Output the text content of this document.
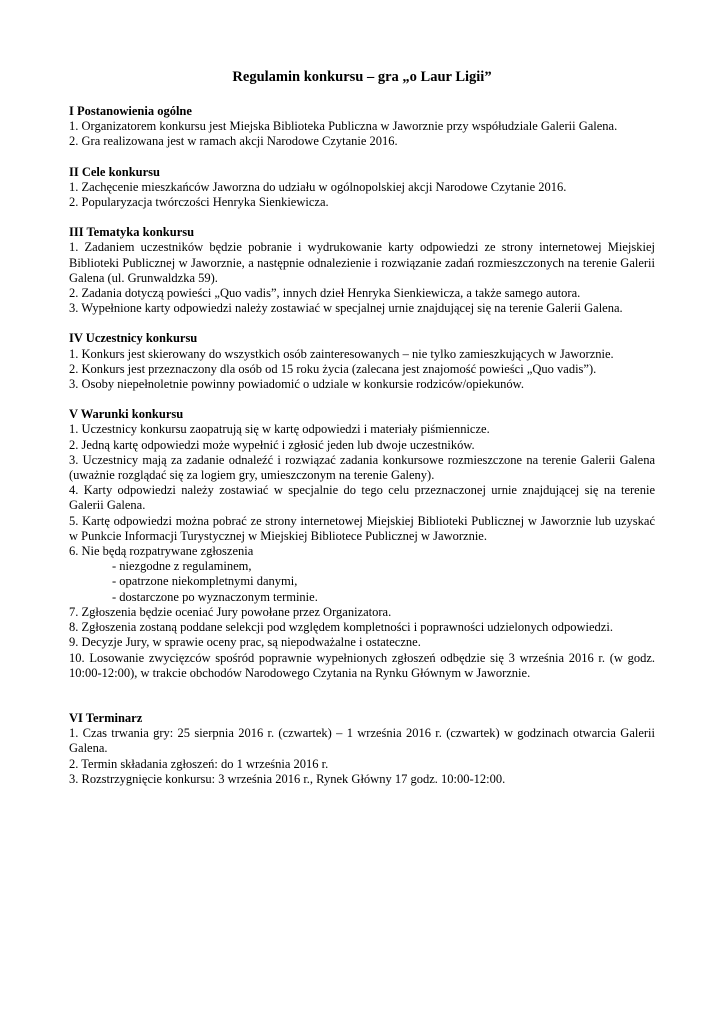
Regulamin konkursu – gra „o Laur Ligii”

I Postanowienia ogólne

1. Organizatorem konkursu jest Miejska Biblioteka Publiczna w Jaworznie przy współudziale Galerii Galena.

2. Gra realizowana jest w ramach akcji Narodowe Czytanie 2016.

II Cele konkursu

1. Zachęcenie mieszkańców Jaworzna do udziału w ogólnopolskiej akcji Narodowe Czytanie 2016.

2. Popularyzacja twórczości Henryka Sienkiewicza.

III Tematyka konkursu

1. Zadaniem uczestników będzie pobranie i wydrukowanie karty odpowiedzi ze strony internetowej Miejskiej Biblioteki Publicznej w Jaworznie, a następnie odnalezienie i rozwiązanie zadań rozmieszczonych na terenie Galerii Galena (ul. Grunwaldzka 59).

2. Zadania dotyczą powieści „Quo vadis”, innych dzieł Henryka Sienkiewicza, a także samego autora.

3. Wypełnione karty odpowiedzi należy zostawiać w specjalnej urnie znajdującej się na terenie Galerii Galena.

IV Uczestnicy konkursu

1. Konkurs jest skierowany do wszystkich osób zainteresowanych – nie tylko zamieszkujących w Jaworznie.

2. Konkurs jest przeznaczony dla osób od 15 roku życia (zalecana jest znajomość powieści „Quo vadis”).

3. Osoby niepełnoletnie powinny powiadomić o udziale w konkursie rodziców/opiekunów.

V Warunki konkursu

1. Uczestnicy konkursu zaopatrują się w kartę odpowiedzi i materiały piśmiennicze.

2. Jedną kartę odpowiedzi może wypełnić i zgłosić jeden lub dwoje uczestników.

3. Uczestnicy mają za zadanie odnaleźć i rozwiązać zadania konkursowe rozmieszczone na terenie Galerii Galena (uważnie rozglądać się za logiem gry, umieszczonym na terenie Galeny).

4. Karty odpowiedzi należy zostawiać w specjalnie do tego celu przeznaczonej urnie znajdującej się na terenie Galerii Galena.

5. Kartę odpowiedzi można pobrać ze strony internetowej Miejskiej Biblioteki Publicznej w Jaworznie lub uzyskać w Punkcie Informacji Turystycznej w Miejskiej Bibliotece Publicznej w Jaworznie.

6. Nie będą rozpatrywane zgłoszenia

- niezgodne z regulaminem,

- opatrzone niekompletnymi danymi,

- dostarczone po wyznaczonym terminie.

7. Zgłoszenia będzie oceniać Jury powołane przez Organizatora.

8. Zgłoszenia zostaną poddane selekcji pod względem kompletności i poprawności udzielonych odpowiedzi.

9. Decyzje Jury, w sprawie oceny prac, są niepodważalne i ostateczne.

10. Losowanie zwycięzców spośród poprawnie wypełnionych zgłoszeń odbędzie się 3 września 2016 r. (w godz. 10:00-12:00), w trakcie obchodów Narodowego Czytania na Rynku Głównym w Jaworznie.

VI Terminarz

1. Czas trwania gry: 25 sierpnia 2016 r. (czwartek) – 1 września 2016 r. (czwartek) w godzinach otwarcia Galerii Galena.

2. Termin składania zgłoszeń: do 1 września 2016 r.

3. Rozstrzygnięcie konkursu: 3 września 2016 r., Rynek Główny 17 godz. 10:00-12:00.
